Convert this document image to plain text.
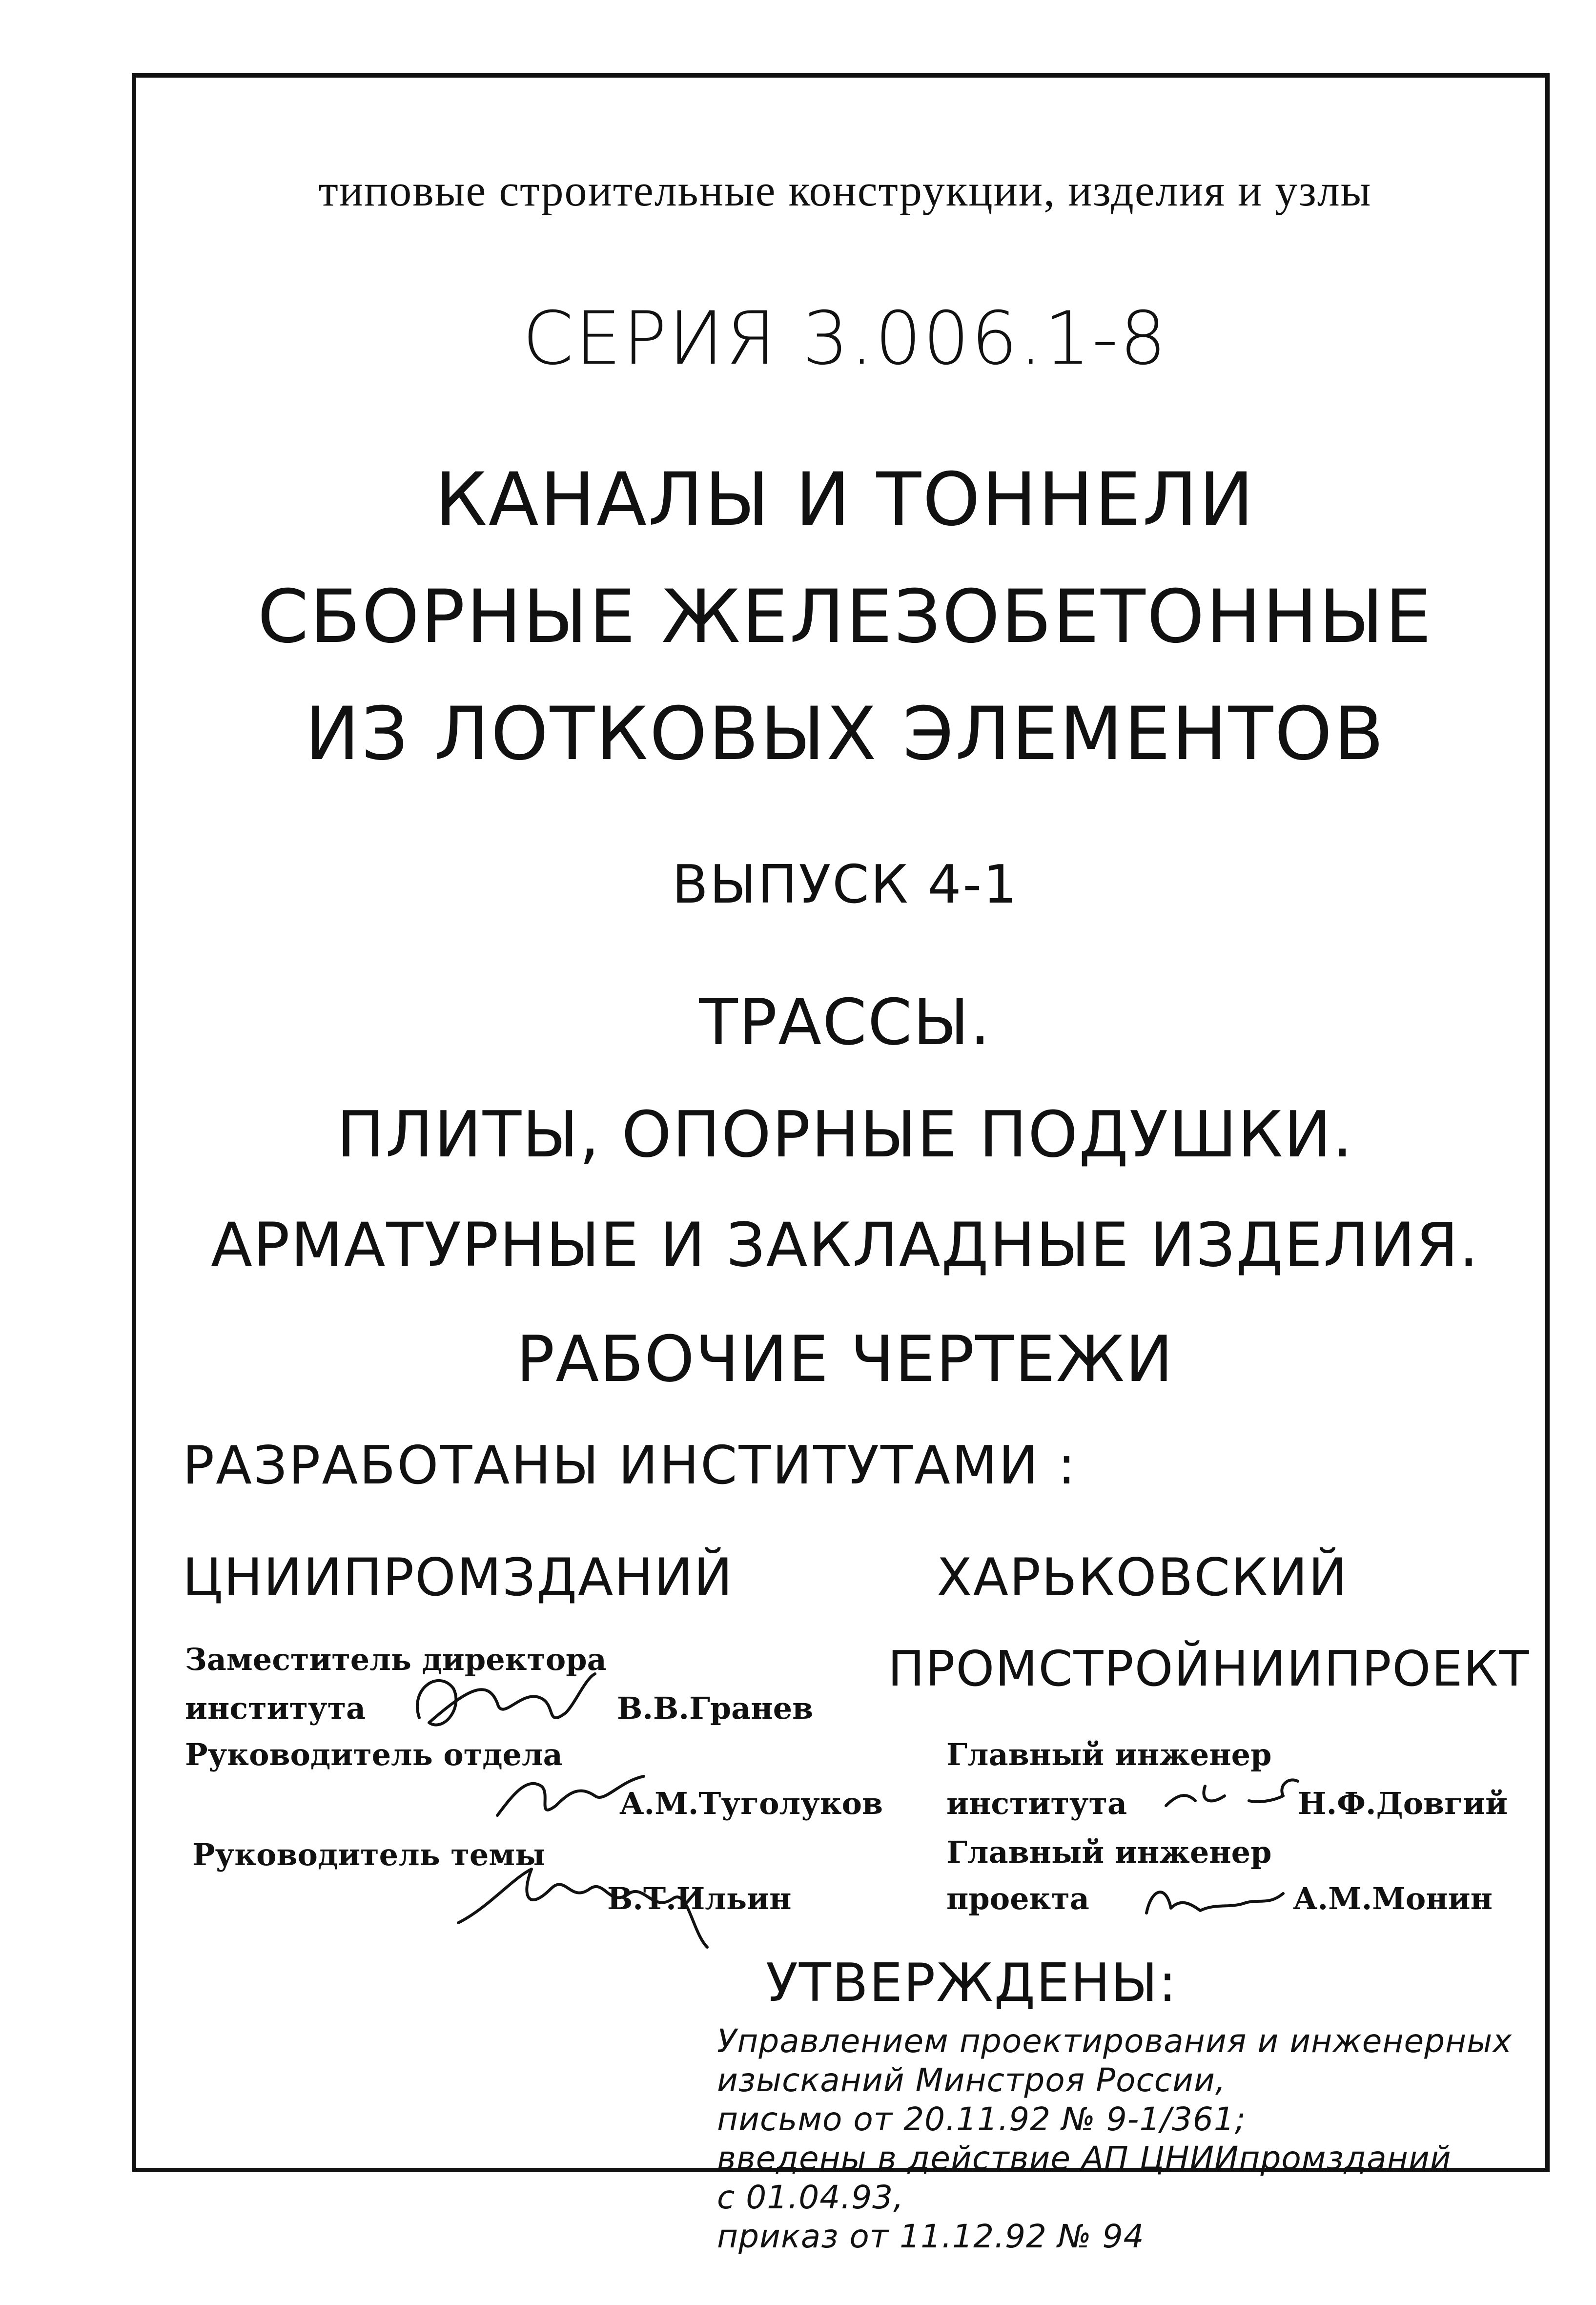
типовые строительные конструкции, изделия и узлы
СЕРИЯ 3.006.1-8
КАНАЛЫ И ТОННЕЛИ
СБОРНЫЕ ЖЕЛЕЗОБЕТОННЫЕ
ИЗ ЛОТКОВЫХ ЭЛЕМЕНТОВ
ВЫПУСК 4-1
ТРАССЫ.
ПЛИТЫ, ОПОРНЫЕ ПОДУШКИ.
АРМАТУРНЫЕ И ЗАКЛАДНЫЕ ИЗДЕЛИЯ.
РАБОЧИЕ ЧЕРТЕЖИ
РАЗРАБОТАНЫ ИНСТИТУТАМИ :
ЦНИИПРОМЗДАНИЙ
Заместитель директора
института	В.В.Гранев
Руководитель отдела
А.М.Туголуков
Руководитель темы
В.Т.Ильин
ХАРЬКОВСКИЙ
ПРОМСТРОЙНИИПРОЕКТ
Главный инженер
института	Н.Ф.Довгий
Главный инженер
проекта	А.М.Монин
УТВЕРЖДЕНЫ:
Управлением проектирования и инженерных
изысканий Минстроя России,
письмо от 20.11.92 № 9-1/361;
введены в действие АП ЦНИИпромзданий
с 01.04.93,
приказ от 11.12.92 № 94
